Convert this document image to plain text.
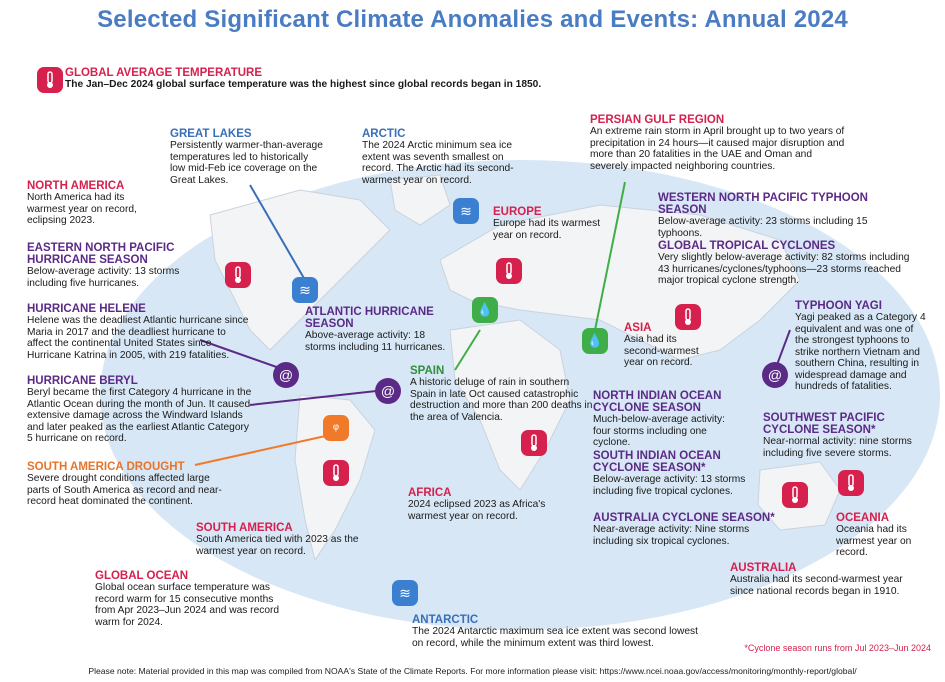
Selected Significant Climate Anomalies and Events: Annual 2024
GLOBAL AVERAGE TEMPERATURE
The Jan–Dec 2024 global surface temperature was the highest since global records began in 1850.
GREAT LAKES
Persistently warmer-than-average temperatures led to historically low mid-Feb ice coverage on the Great Lakes.
≋
ARCTIC
The 2024 Arctic minimum sea ice extent was seventh smallest on record. The Arctic had its second-warmest year on record.
≋
PERSIAN GULF REGION
An extreme rain storm in April brought up to two years of precipitation in 24 hours—it caused major disruption and more than 20 fatalities in the UAE and Oman and severely impacted neighboring countries.
💧
NORTH AMERICA
North America had its warmest year on record, eclipsing 2023.
EUROPE
Europe had its warmest year on record.
WESTERN NORTH PACIFIC TYPHOON SEASON
Below-average activity: 23 storms including 15 typhoons.
EASTERN NORTH PACIFIC HURRICANE SEASON
Below-average activity: 13 storms including five hurricanes.
GLOBAL TROPICAL CYCLONES
Very slightly below-average activity: 82 storms including 43 hurricanes/cyclones/typhoons—23 storms reached major tropical cyclone strength.
ATLANTIC HURRICANE SEASON
Above-average activity: 18 storms including 11 hurricanes.
HURRICANE HELENE
Helene was the deadliest Atlantic hurricane since Maria in 2017 and the deadliest hurricane to affect the continental United States since Hurricane Katrina in 2005, with 219 fatalities.
@
TYPHOON YAGI
Yagi peaked as a Category 4 equivalent and was one of the strongest typhoons to strike northern Vietnam and southern China, resulting in widespread damage and hundreds of fatalities.
@
ASIA
Asia had its second-warmest year on record.
SPAIN
A historic deluge of rain in southern Spain in late Oct caused catastrophic destruction and more than 200 deaths in the area of Valencia.
💧
HURRICANE BERYL
Beryl became the first Category 4 hurricane in the Atlantic Ocean during the month of Jun. It caused extensive damage across the Windward Islands and later peaked as the earliest Atlantic Category 5 hurricane on record.
@	NORTH INDIAN OCEAN CYCLONE SEASON
Much-below-average activity: four storms including one cyclone.
SOUTHWEST PACIFIC CYCLONE SEASON*
Near-normal activity: nine storms including five severe storms.
SOUTH AMERICA DROUGHT
Severe drought conditions affected large parts of South America as record and near-record heat dominated the continent.
ᵠ
SOUTH INDIAN OCEAN CYCLONE SEASON*
Below-average activity: 13 storms including five tropical cyclones.
AFRICA
2024 eclipsed 2023 as Africa's warmest year on record.	OCEANIA
Oceania had its warmest year on record.
AUSTRALIA CYCLONE SEASON*
Near-average activity: Nine storms including six tropical cyclones.
SOUTH AMERICA
South America tied with 2023 as the warmest year on record.
GLOBAL OCEAN
Global ocean surface temperature was record warm for 15 consecutive months from Apr 2023–Jun 2024 and was record warm for 2024.
AUSTRALIA
Australia had its second-warmest year since national records began in 1910.
ANTARCTIC
The 2024 Antarctic maximum sea ice extent was second lowest on record, while the minimum extent was third lowest.
≋
*Cyclone season runs from Jul 2023–Jun 2024
Please note: Material provided in this map was compiled from NOAA's State of the Climate Reports. For more information please visit: https://www.ncei.noaa.gov/access/monitoring/monthly-report/global/
